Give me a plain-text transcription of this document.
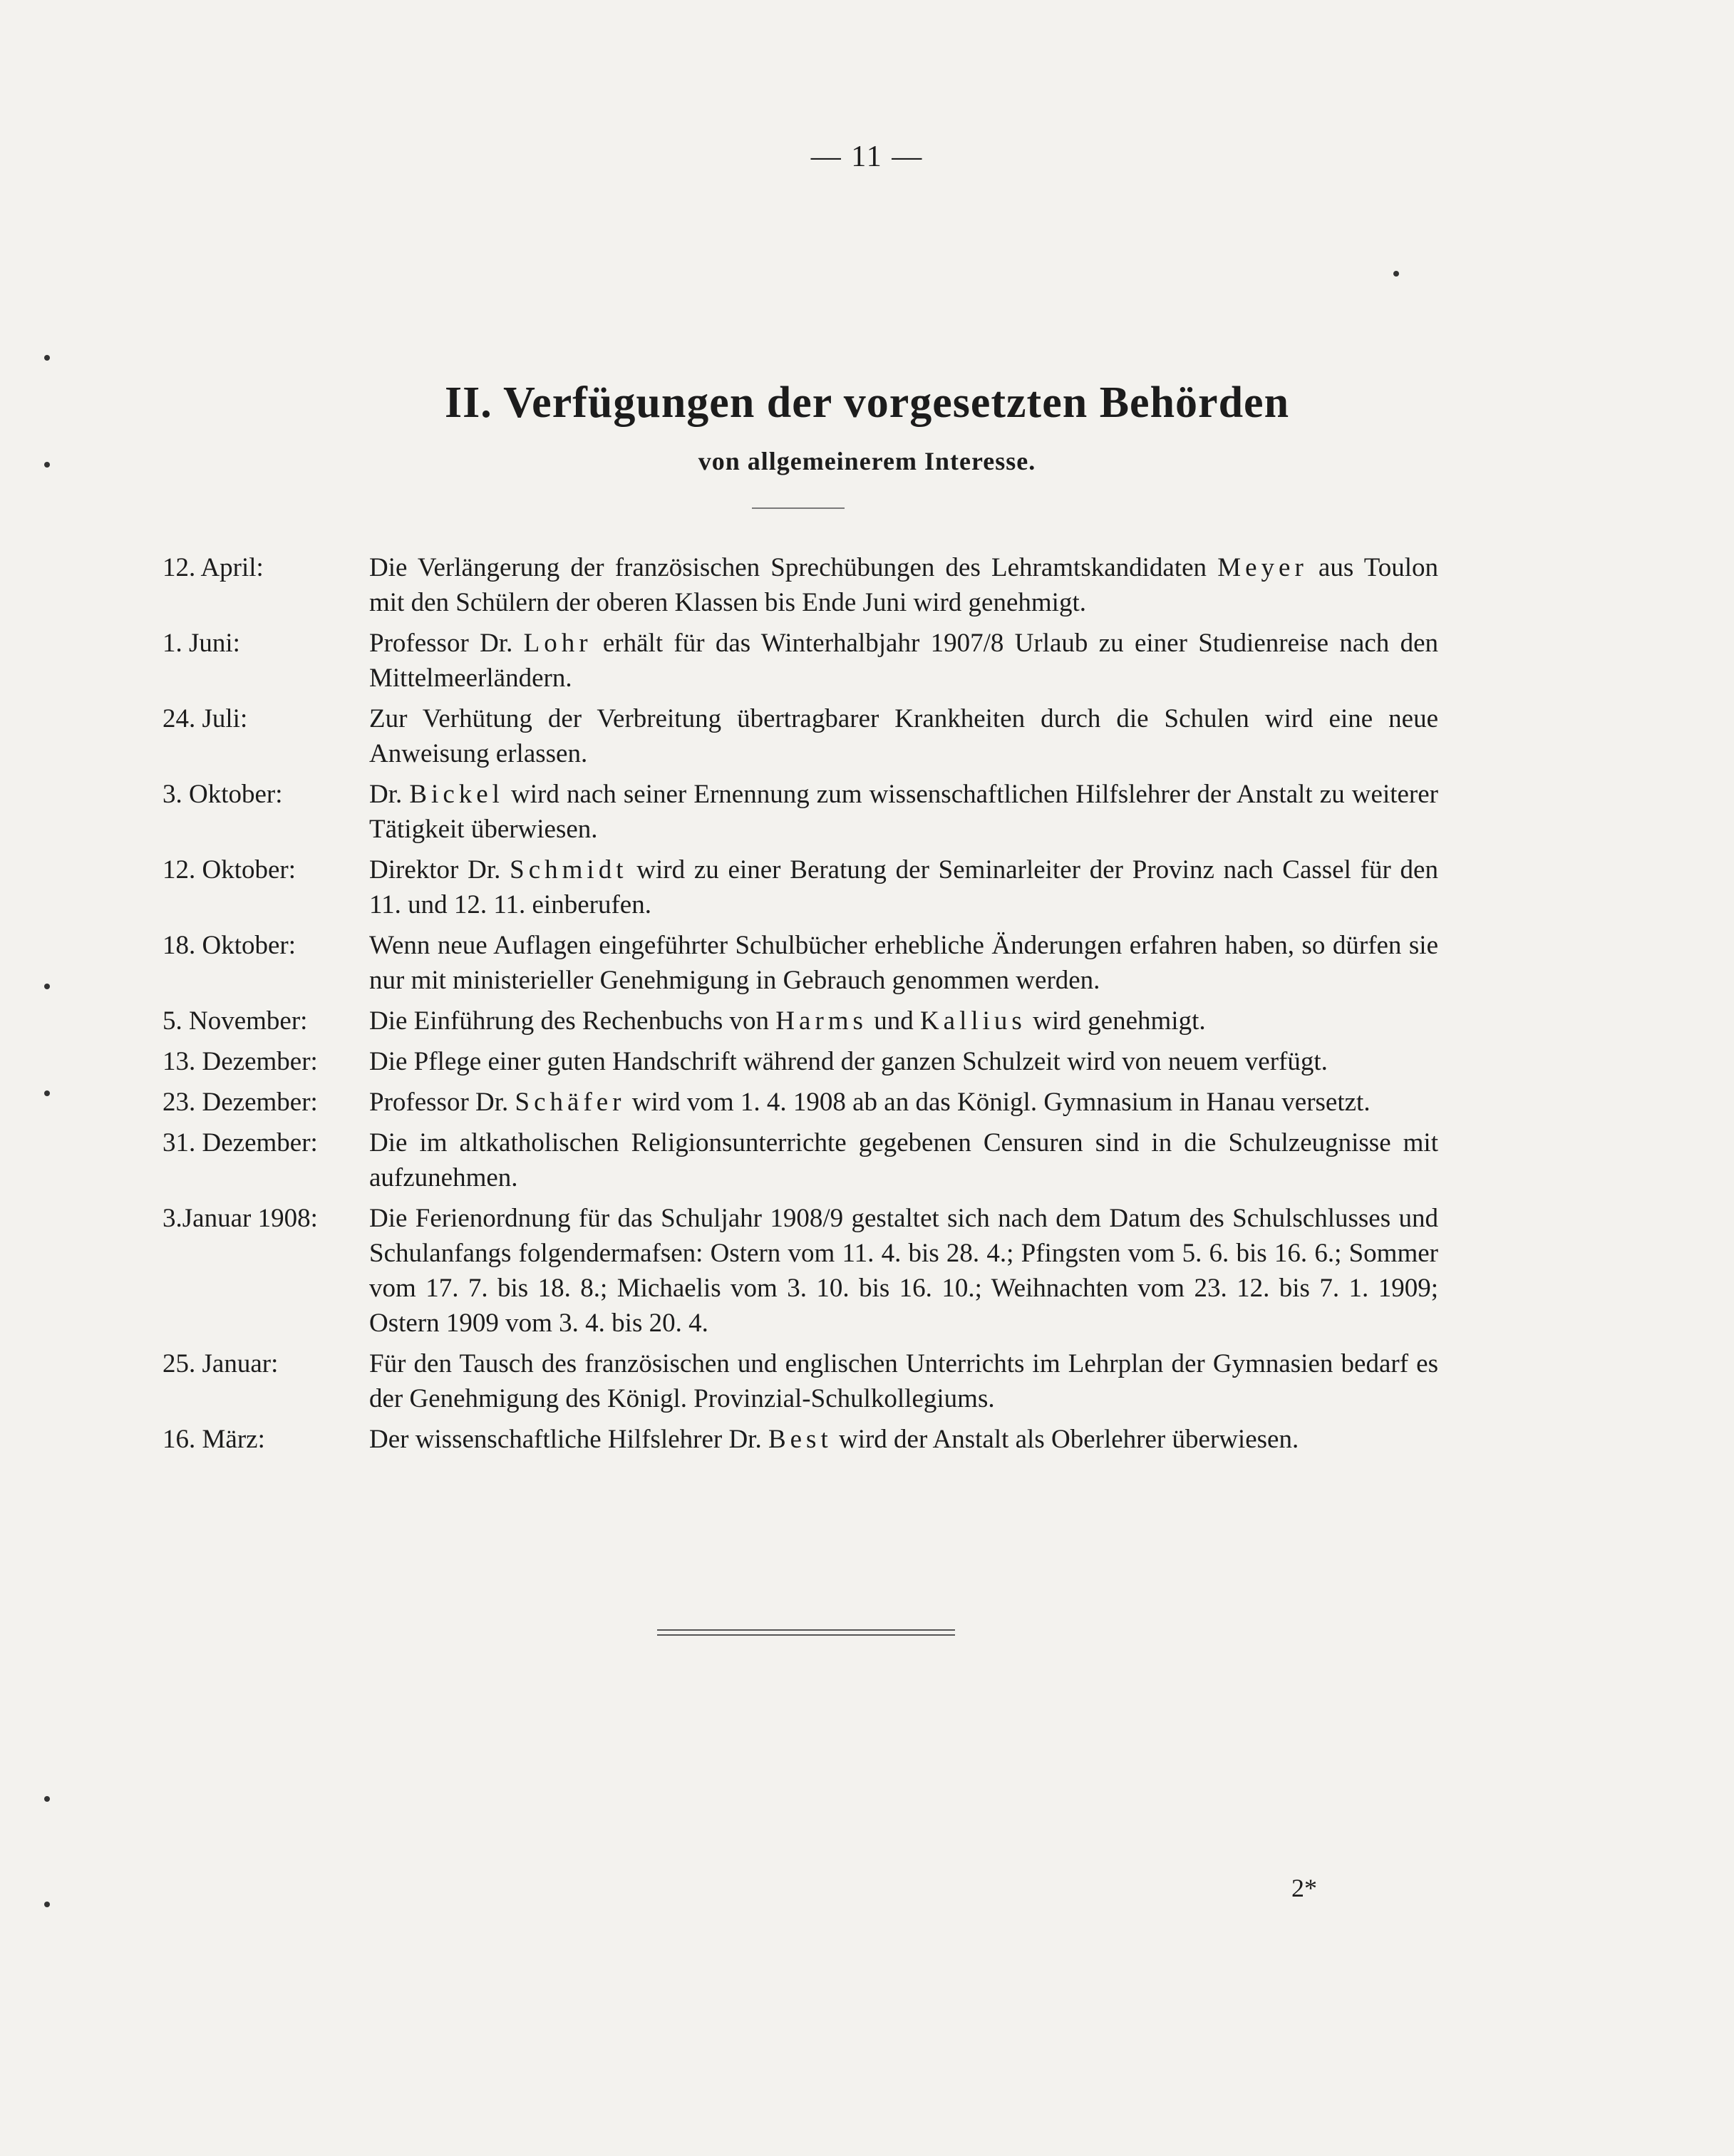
— 11 —
II. Verfügungen der vorgesetzten Behörden
von allgemeinerem Interesse.
12. April:	Die Verlängerung der französischen Sprechübungen des Lehramtskandidaten Meyer aus Toulon mit den Schülern der oberen Klassen bis Ende Juni wird genehmigt.
1. Juni:	Professor Dr. Lohr erhält für das Winterhalbjahr 1907/8 Urlaub zu einer Studienreise nach den Mittelmeerländern.
24. Juli:	Zur Verhütung der Verbreitung übertragbarer Krankheiten durch die Schulen wird eine neue Anweisung erlassen.
3. Oktober:	Dr. Bickel wird nach seiner Ernennung zum wissenschaftlichen Hilfslehrer der Anstalt zu weiterer Tätigkeit überwiesen.
12. Oktober:	Direktor Dr. Schmidt wird zu einer Beratung der Seminarleiter der Provinz nach Cassel für den 11. und 12. 11. einberufen.
18. Oktober:	Wenn neue Auflagen eingeführter Schulbücher erhebliche Änderungen erfahren haben, so dürfen sie nur mit ministerieller Genehmigung in Gebrauch genommen werden.
5. November:	Die Einführung des Rechenbuchs von Harms und Kallius wird genehmigt.
13. Dezember:	Die Pflege einer guten Handschrift während der ganzen Schulzeit wird von neuem verfügt.
23. Dezember:	Professor Dr. Schäfer wird vom 1. 4. 1908 ab an das Königl. Gymnasium in Hanau versetzt.
31. Dezember:	Die im altkatholischen Religionsunterrichte gegebenen Censuren sind in die Schulzeugnisse mit aufzunehmen.
3.Januar 1908:	Die Ferienordnung für das Schuljahr 1908/9 gestaltet sich nach dem Datum des Schulschlusses und Schulanfangs folgendermafsen: Ostern vom 11. 4. bis 28. 4.; Pfingsten vom 5. 6. bis 16. 6.; Sommer vom 17. 7. bis 18. 8.; Michaelis vom 3. 10. bis 16. 10.; Weihnachten vom 23. 12. bis 7. 1. 1909; Ostern 1909 vom 3. 4. bis 20. 4.
25. Januar:	Für den Tausch des französischen und englischen Unterrichts im Lehrplan der Gymnasien bedarf es der Genehmigung des Königl. Provinzial-Schulkollegiums.
16. März:	Der wissenschaftliche Hilfslehrer Dr. Best wird der Anstalt als Oberlehrer überwiesen.
2*
